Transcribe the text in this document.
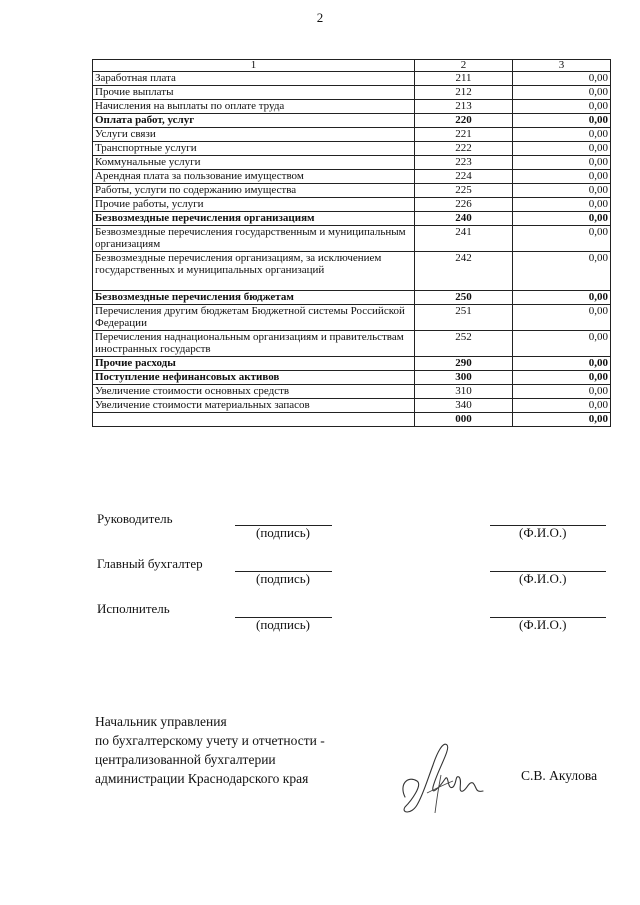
2
1	2	3
Заработная плата	211	0,00
Прочие выплаты	212	0,00
Начисления на выплаты по оплате труда	213	0,00
Оплата работ, услуг	220	0,00
Услуги связи	221	0,00
Транспортные услуги	222	0,00
Коммунальные услуги	223	0,00
Арендная плата за пользование имуществом	224	0,00
Работы, услуги по содержанию имущества	225	0,00
Прочие работы, услуги	226	0,00
Безвозмездные перечисления организациям	240	0,00
Безвозмездные перечисления государственным и муниципальным организациям	241	0,00
Безвозмездные перечисления организациям, за исключением государственных и муниципальных организаций	242	0,00
Безвозмездные перечисления бюджетам	250	0,00
Перечисления другим бюджетам Бюджетной системы Российской Федерации	251	0,00
Перечисления наднациональным организациям и правительствам иностранных государств	252	0,00
Прочие расходы	290	0,00
Поступление нефинансовых активов	300	0,00
Увеличение стоимости основных средств	310	0,00
Увеличение стоимости материальных запасов	340	0,00
	000	0,00
Руководитель
(подпись)	(Ф.И.О.)
Главный бухгалтер
(подпись)	(Ф.И.О.)
Исполнитель
(подпись)	(Ф.И.О.)
Начальник управления
по бухгалтерскому учету и отчетности -
централизованной бухгалтерии
администрации Краснодарского края	С.В. Акулова
